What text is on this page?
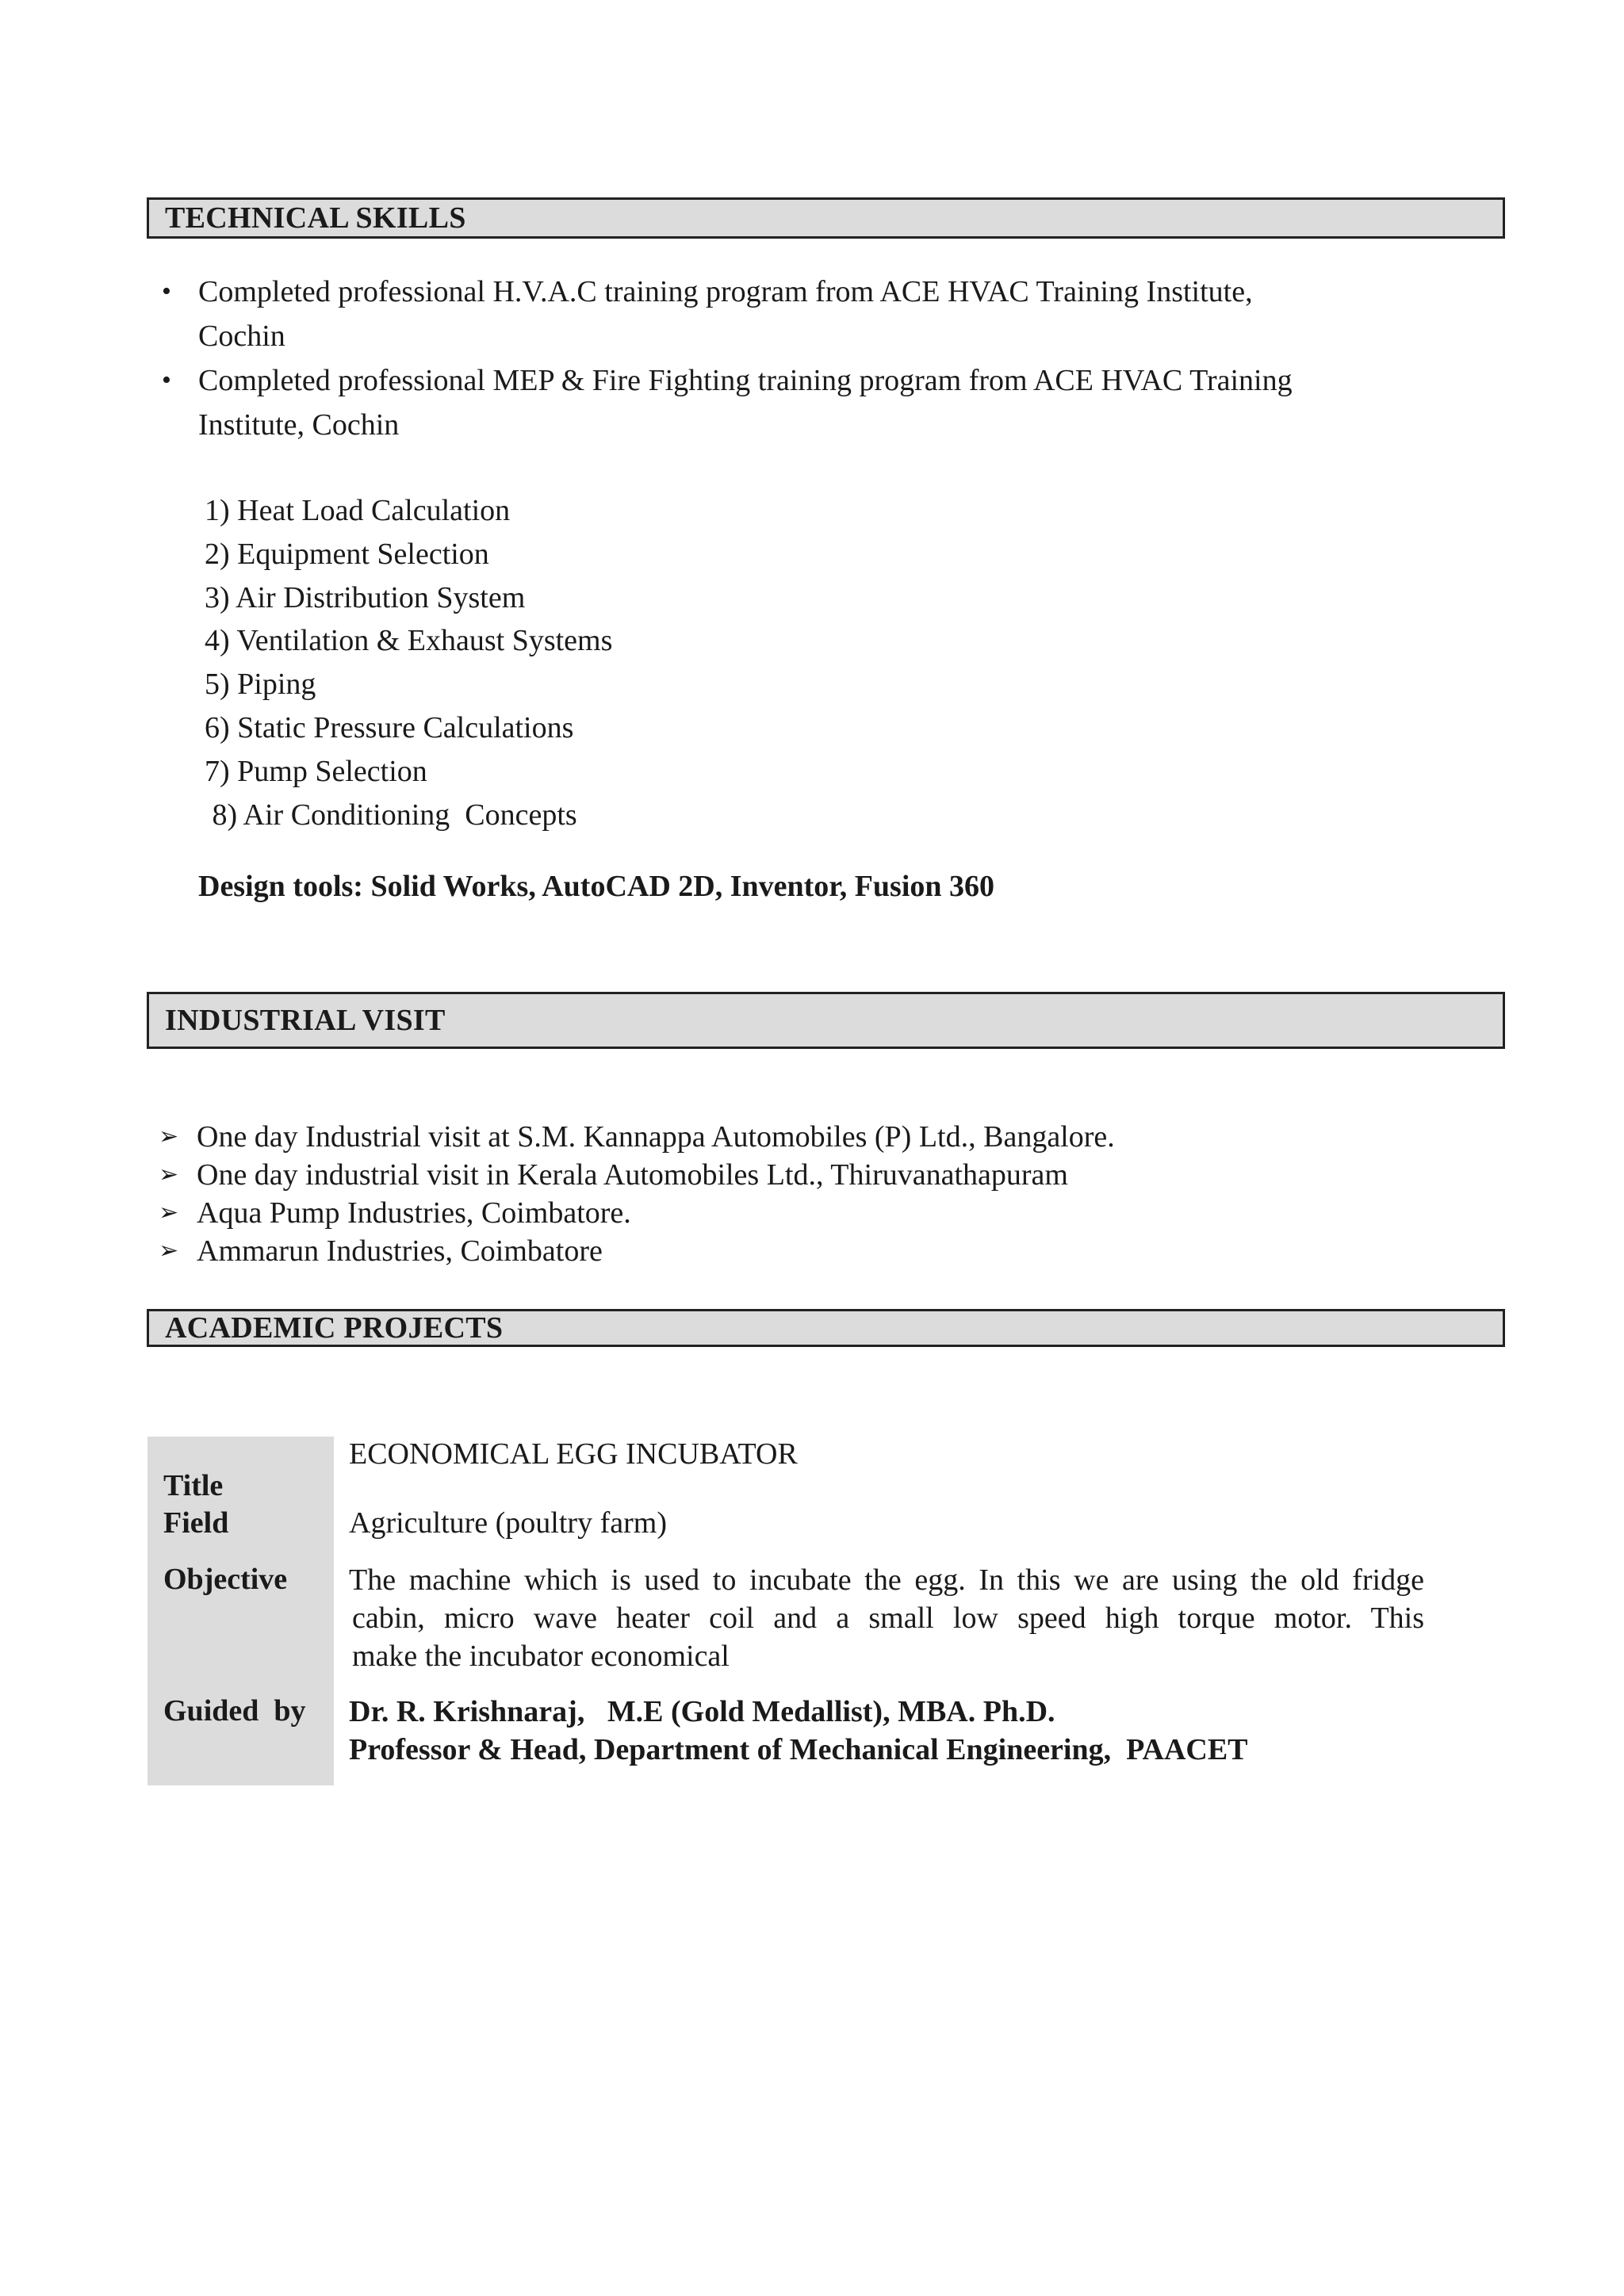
TECHNICAL SKILLS
• Completed professional H.V.A.C training program from ACE HVAC Training Institute,
Cochin
• Completed professional MEP & Fire Fighting training program from ACE HVAC Training
Institute, Cochin
1) Heat Load Calculation
2) Equipment Selection
3) Air Distribution System
4) Ventilation & Exhaust Systems
5) Piping
6) Static Pressure Calculations
7) Pump Selection
8) Air Conditioning  Concepts
Design tools: Solid Works, AutoCAD 2D, Inventor, Fusion 360
INDUSTRIAL VISIT
➢ One day Industrial visit at S.M. Kannappa Automobiles (P) Ltd., Bangalore.
➢ One day industrial visit in Kerala Automobiles Ltd., Thiruvanathapuram
➢ Aqua Pump Industries, Coimbatore.
➢ Ammarun Industries, Coimbatore
ACADEMIC PROJECTS
Title
Field
Objective
Guided  by
ECONOMICAL EGG INCUBATOR
Agriculture (poultry farm)
The machine which is used to incubate the egg. In this we are using the old fridge
cabin, micro wave heater coil and a small low speed high torque motor. This
make the incubator economical
Dr. R. Krishnaraj,   M.E (Gold Medallist), MBA. Ph.D.
Professor & Head, Department of Mechanical Engineering,  PAACET
